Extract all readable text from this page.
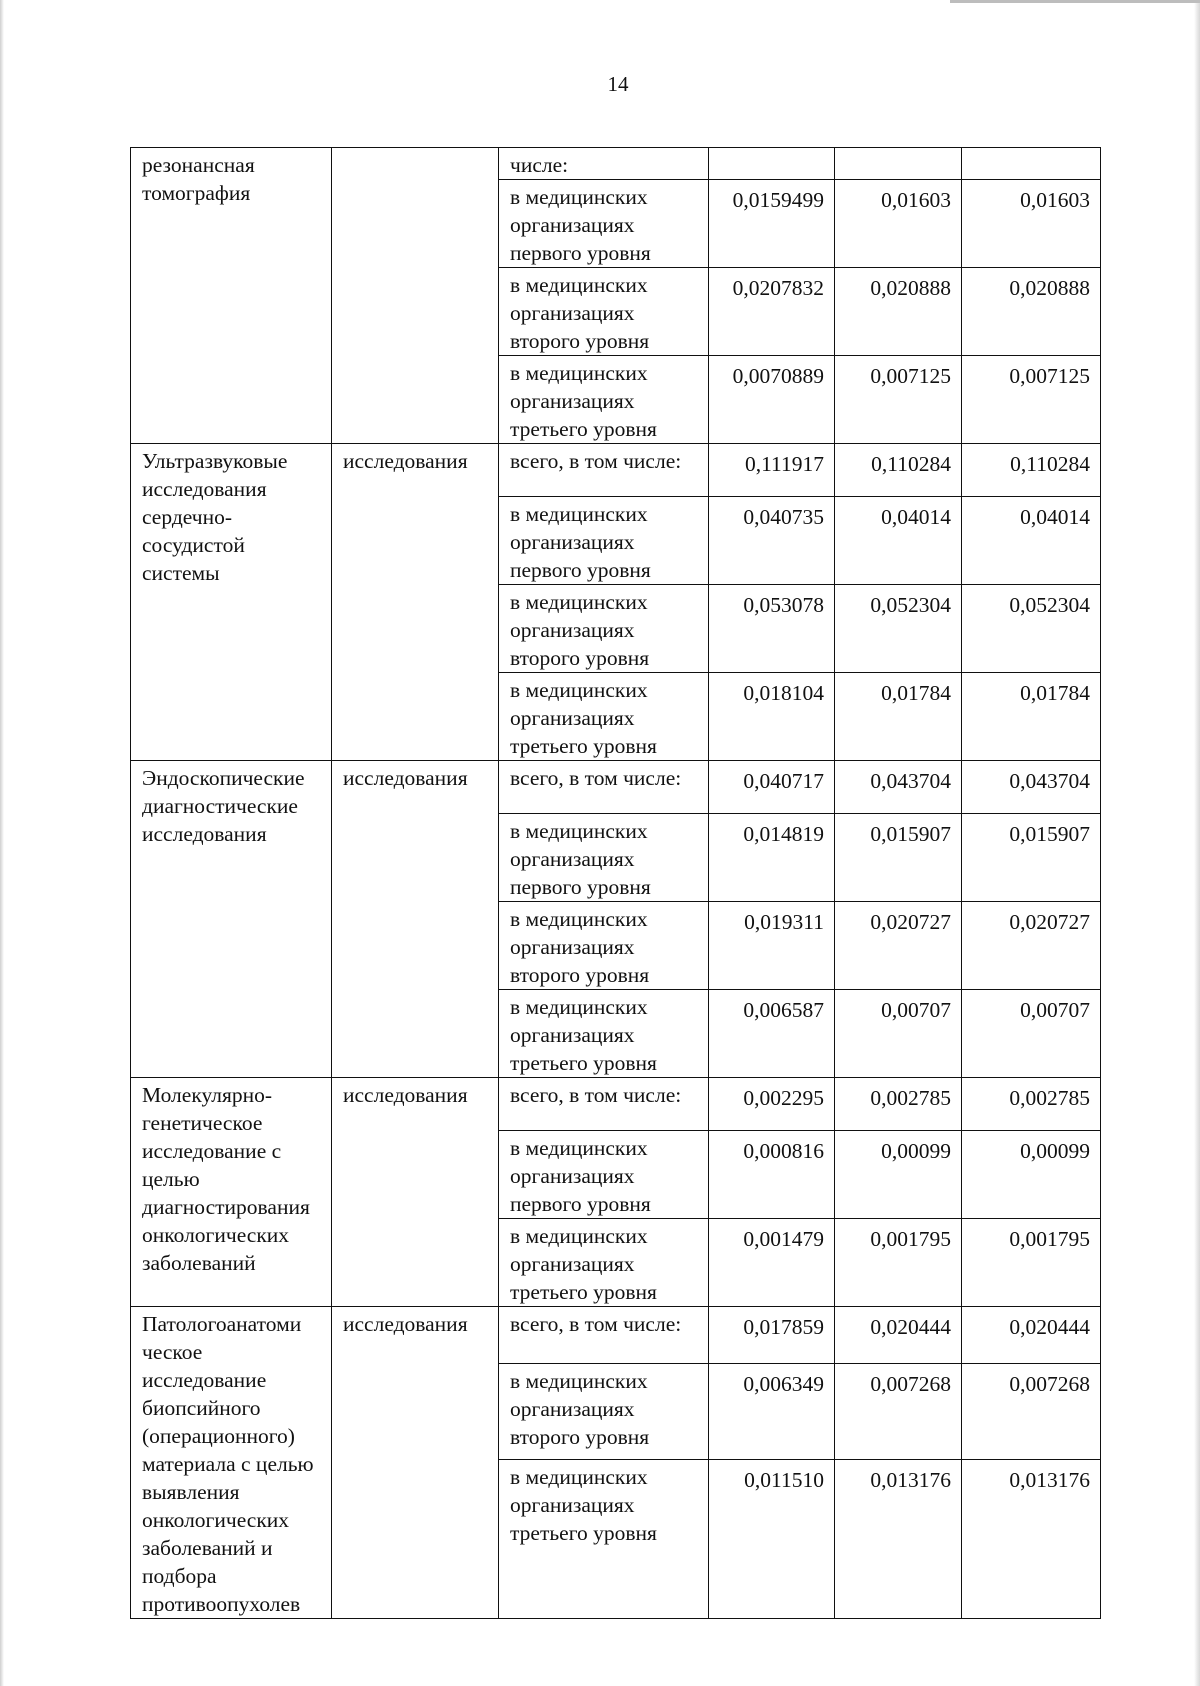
14
резонансная томография		числе:			
		в медицинских организациях первого уровня	0,0159499	0,01603	0,01603
		в медицинских организациях второго уровня	0,0207832	0,020888	0,020888
		в медицинских организациях третьего уровня	0,0070889	0,007125	0,007125
Ультразвуковые исследования сердечно-сосудистой системы	исследования	всего, в том числе:	0,111917	0,110284	0,110284
		в медицинских организациях первого уровня	0,040735	0,04014	0,04014
		в медицинских организациях второго уровня	0,053078	0,052304	0,052304
		в медицинских организациях третьего уровня	0,018104	0,01784	0,01784
Эндоскопические диагностические исследования	исследования	всего, в том числе:	0,040717	0,043704	0,043704
		в медицинских организациях первого уровня	0,014819	0,015907	0,015907
		в медицинских организациях второго уровня	0,019311	0,020727	0,020727
		в медицинских организациях третьего уровня	0,006587	0,00707	0,00707
Молекулярно-генетическое исследование с целью диагностирования онкологических заболеваний	исследования	всего, в том числе:	0,002295	0,002785	0,002785
		в медицинских организациях первого уровня	0,000816	0,00099	0,00099
		в медицинских организациях третьего уровня	0,001479	0,001795	0,001795
Патологоанатоми ческое исследование биопсийного (операционного) материала с целью выявления онкологических заболеваний и подбора противоопухолев	исследования	всего, в том числе:	0,017859	0,020444	0,020444
		в медицинских организациях второго уровня	0,006349	0,007268	0,007268
		в медицинских организациях третьего уровня	0,011510	0,013176	0,013176
